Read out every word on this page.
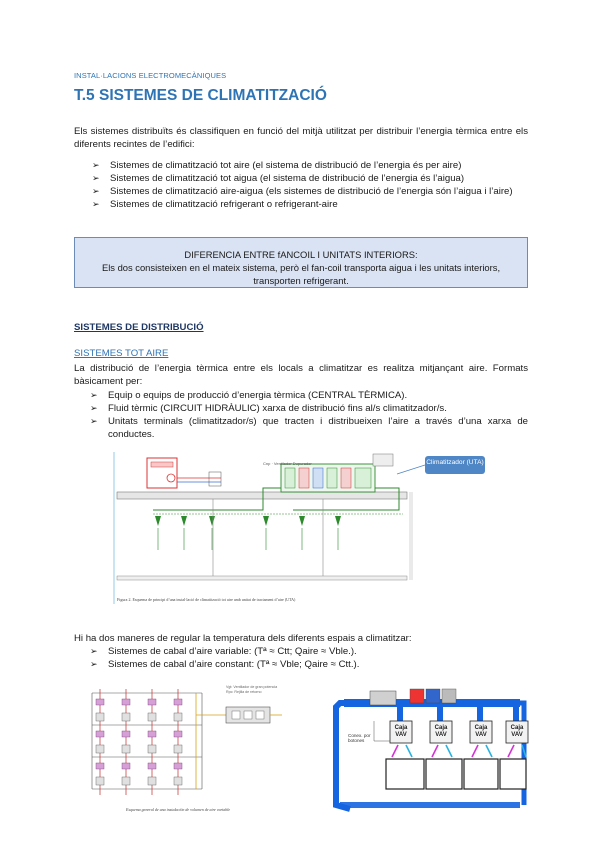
INSTAL·LACIONS ELECTROMECÀNIQUES
T.5 SISTEMES DE CLIMATITZACIÓ

Els sistemes distribuïts és classifiquen en funció del mitjà utilitzat per distribuir l’energia tèrmica entre els diferents recintes de l’edifici:

➢ Sistemes de climatització tot aire (el sistema de distribució de l’energia és per aire)
➢ Sistemes de climatització tot aigua (el sistema de distribució de l’energia és l’aigua)
➢ Sistemes de climatització aire-aigua (els sistemes de distribució de l’energia són l’aigua i l’aire)
➢ Sistemes de climatització refrigerant o refrigerant-aire
DIFERENCIA ENTRE fANCOIL I UNITATS INTERIORS:
Els dos consisteixen en el mateix sistema, però el fan-coil transporta aigua i les unitats interiors, transporten refrigerant.
SISTEMES DE DISTRIBUCIÓ
SISTEMES TOT AIRE

La distribució de l’energia tèrmica entre els locals a climatitzar es realitza mitjançant aire. Formats bàsicament per:

➢ Equip o equips de producció d’energia tèrmica (CENTRAL TÈRMICA).
➢ Fluid tèrmic (CIRCUIT HIDRÀULIC) xarxa de distribució fins al/s climatitzador/s.
➢ Unitats terminals (climatitzador/s) que tracten i distribueixen l’aire a través d’una xarxa de conductes.
Cnp · Ventilador Dupurador	Climatitzador (UTA)
Figura 2. Esquema de principi d’una instal·lació de climatització tot aire amb unitat de tractament d’aire (UTA)

Hi ha dos maneres de regular la temperatura dels diferents espais a climatitzar:

➢ Sistemes de cabal d’aire variable: (Tª ≈ Ctt; Qaire ≈ Vble.).
➢ Sistemes de cabal d’aire constant: (Tª ≈ Vble; Qaire ≈ Ctt.).
Vgt: Ventilador de gran potencia
Rpc: Rejilla de retorno
Esquema general de una instalación de volumen de aire variable
Caja VAV
Caja VAV
Caja VAV
Caja VAV
Conex. por botones
